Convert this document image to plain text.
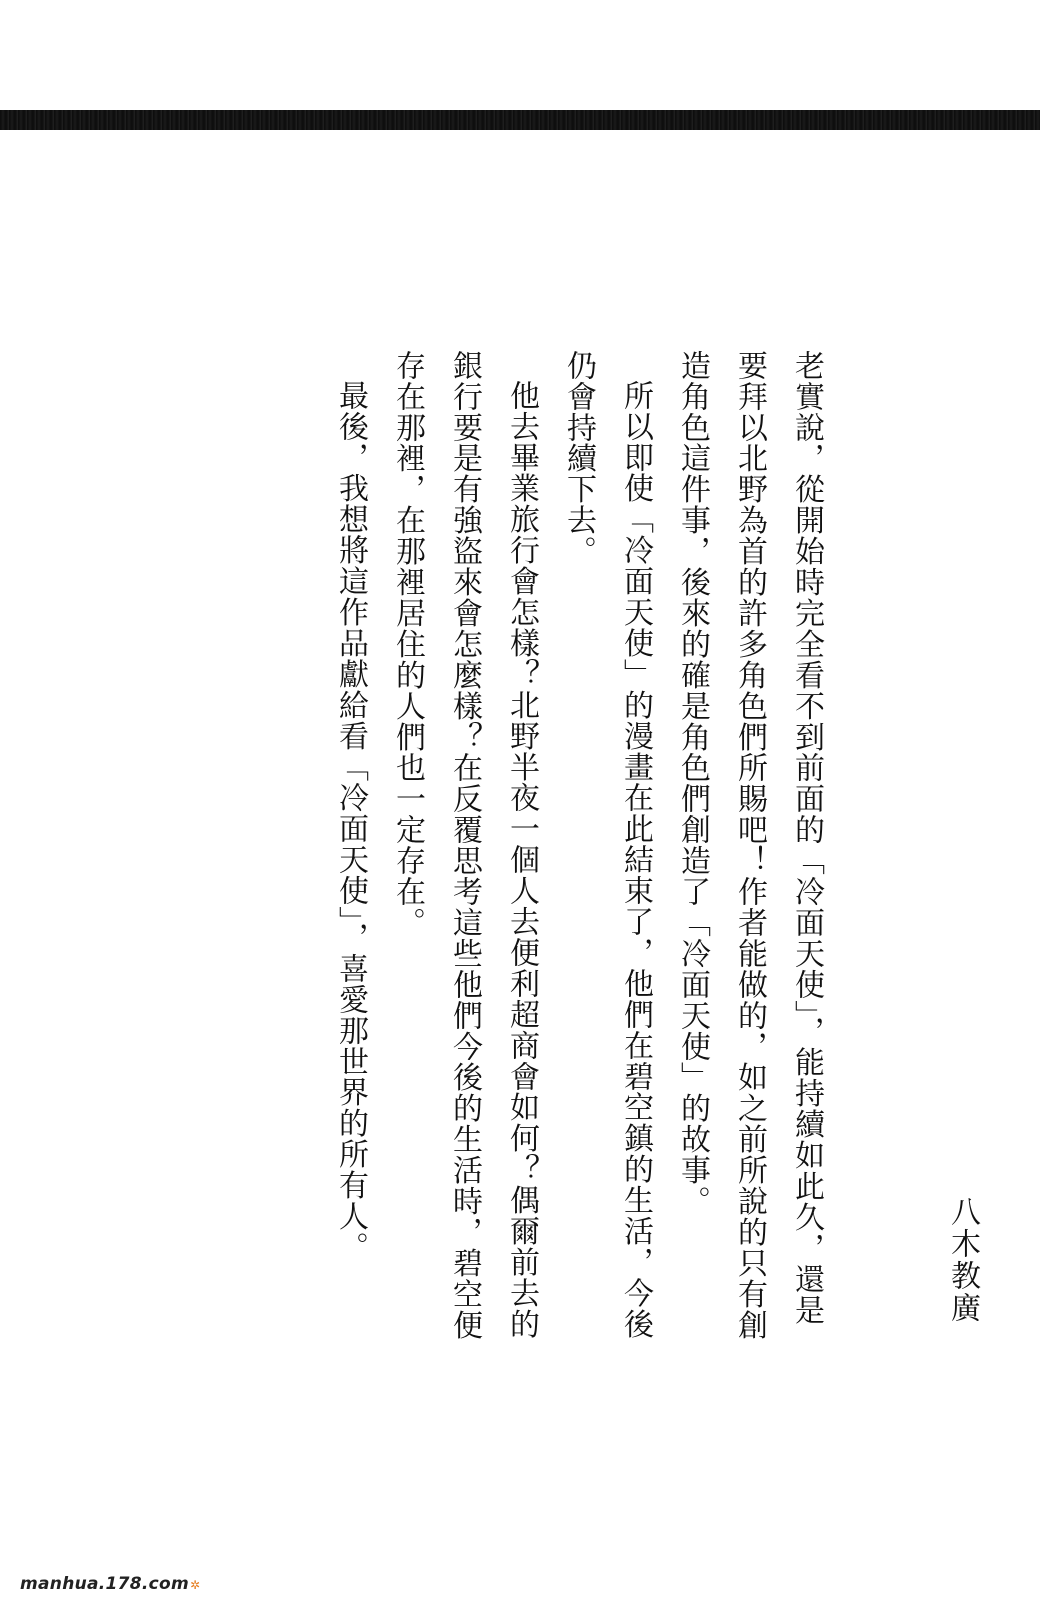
老實說，從開始時完全看不到前面的「冷面天使」，能持續如此久，還是要拜以北野為首的許多角色們所賜吧！作者能做的，如之前所說的只有創造角色這件事，後來的確是角色們創造了「冷面天使」的故事。

所以即使「冷面天使」的漫畫在此結束了，他們在碧空鎮的生活，今後仍會持續下去。

他去畢業旅行會怎樣？北野半夜一個人去便利超商會如何？偶爾前去的銀行要是有強盜來會怎麼樣？在反覆思考這些他們今後的生活時，碧空便存在那裡，在那裡居住的人們也一定存在。

最後，我想將這作品獻給看「冷面天使」，喜愛那世界的所有人。	八木教廣
manhua.178.com✲
